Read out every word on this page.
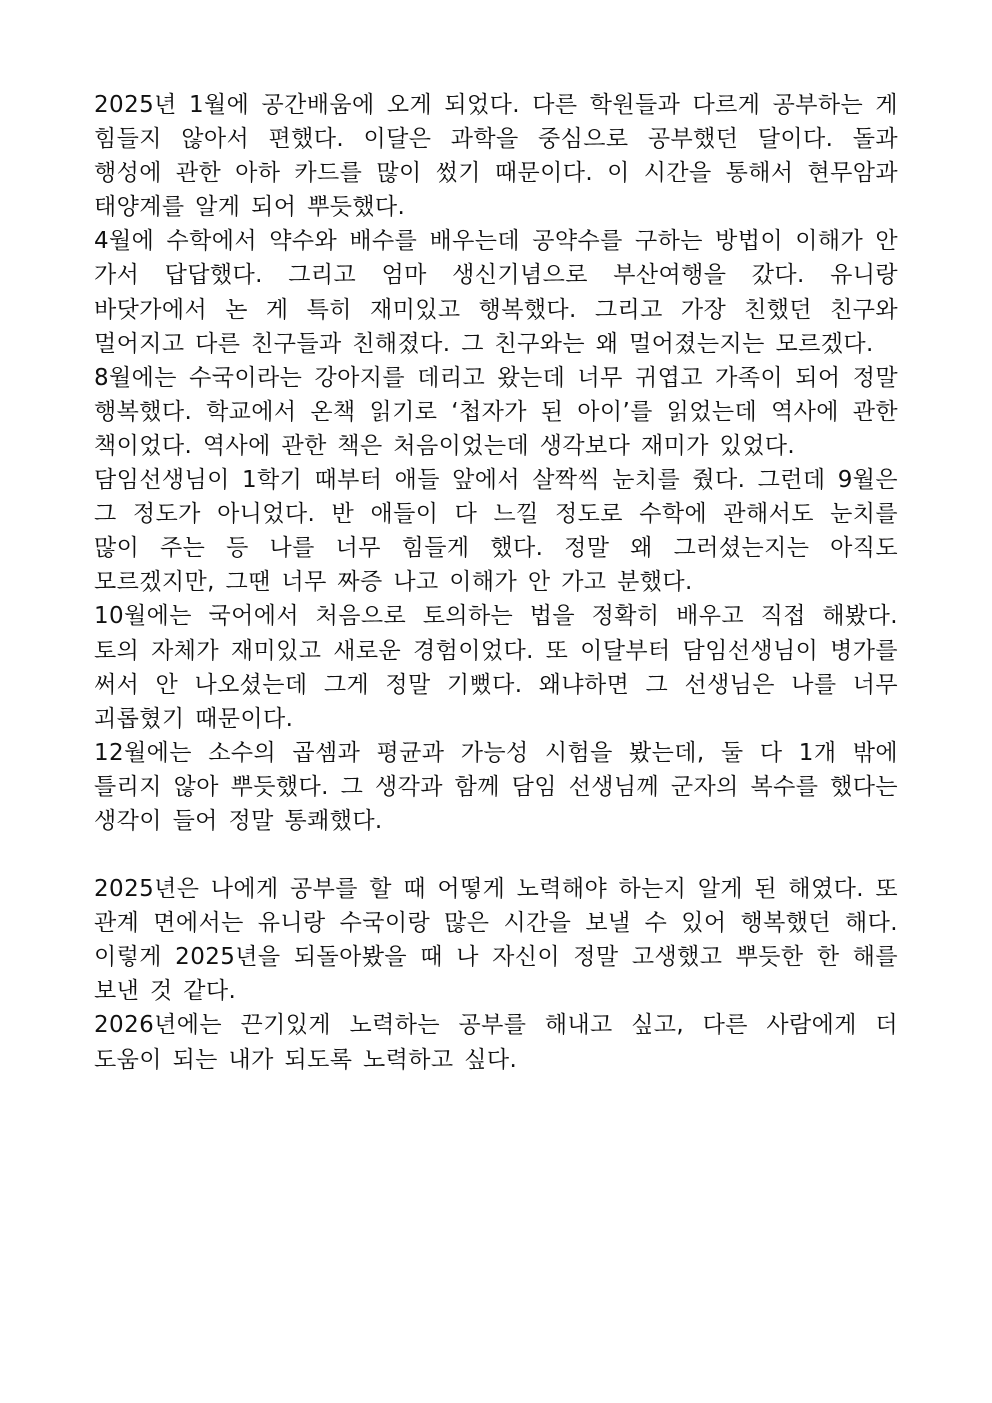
2025년 1월에 공간배움에 오게 되었다. 다른 학원들과 다르게 공부하는 게 힘들지 않아서 편했다. 이달은 과학을 중심으로 공부했던 달이다. 돌과 행성에 관한 아하 카드를 많이 썼기 때문이다. 이 시간을 통해서 현무암과 태양계를 알게 되어 뿌듯했다.

4월에 수학에서 약수와 배수를 배우는데 공약수를 구하는 방법이 이해가 안 가서 답답했다. 그리고 엄마 생신기념으로 부산여행을 갔다. 유니랑 바닷가에서 논 게 특히 재미있고 행복했다. 그리고 가장 친했던 친구와 멀어지고 다른 친구들과 친해졌다. 그 친구와는 왜 멀어졌는지는 모르겠다.

8월에는 수국이라는 강아지를 데리고 왔는데 너무 귀엽고 가족이 되어 정말 행복했다. 학교에서 온책 읽기로 ‘첩자가 된 아이’를 읽었는데 역사에 관한 책이었다. 역사에 관한 책은 처음이었는데 생각보다 재미가 있었다.

담임선생님이 1학기 때부터 애들 앞에서 살짝씩 눈치를 줬다. 그런데 9월은 그 정도가 아니었다. 반 애들이 다 느낄 정도로 수학에 관해서도 눈치를 많이 주는 등 나를 너무 힘들게 했다. 정말 왜 그러셨는지는 아직도 모르겠지만, 그땐 너무 짜증 나고 이해가 안 가고 분했다.

10월에는 국어에서 처음으로 토의하는 법을 정확히 배우고 직접 해봤다. 토의 자체가 재미있고 새로운 경험이었다. 또 이달부터 담임선생님이 병가를 써서 안 나오셨는데 그게 정말 기뻤다. 왜냐하면 그 선생님은 나를 너무 괴롭혔기 때문이다.

12월에는 소수의 곱셈과 평균과 가능성 시험을 봤는데, 둘 다 1개 밖에 틀리지 않아 뿌듯했다. 그 생각과 함께 담임 선생님께 군자의 복수를 했다는 생각이 들어 정말 통쾌했다.

2025년은 나에게 공부를 할 때 어떻게 노력해야 하는지 알게 된 해였다. 또 관계 면에서는 유니랑 수국이랑 많은 시간을 보낼 수 있어 행복했던 해다. 이렇게 2025년을 되돌아봤을 때 나 자신이 정말 고생했고 뿌듯한 한 해를 보낸 것 같다.

2026년에는 끈기있게 노력하는 공부를 해내고 싶고, 다른 사람에게 더 도움이 되는 내가 되도록 노력하고 싶다.
